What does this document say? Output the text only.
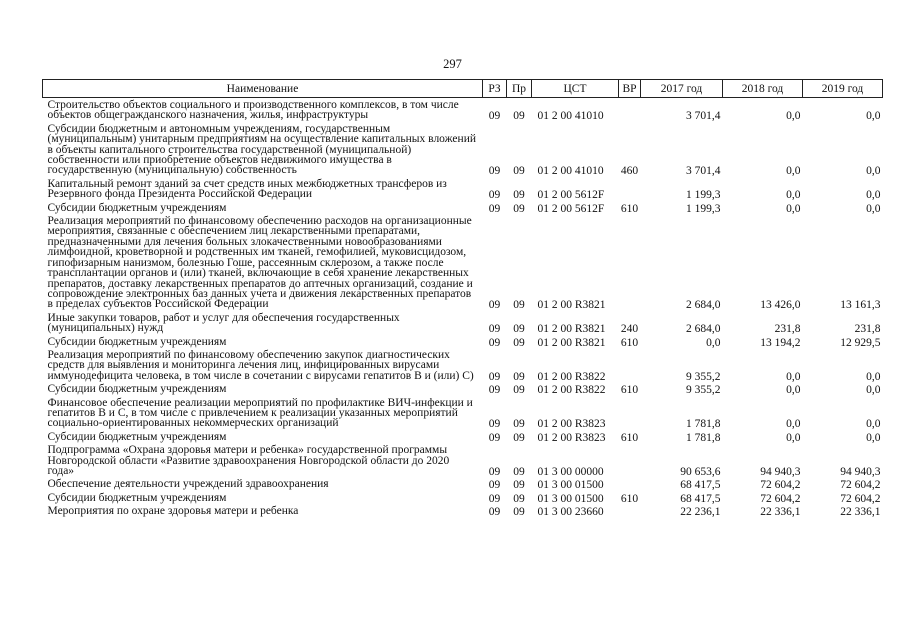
297
Наименование	РЗ	Пр	ЦСТ	ВР	2017 год	2018 год	2019 год
Строительство объектов социального и производственного комплексов, в том числе объектов общегражданского назначения, жилья, инфраструктуры	09	09	01 2 00 41010		3 701,4	0,0	0,0
Субсидии бюджетным и автономным учреждениям, государственным (муниципальным) унитарным предприятиям на осуществление капитальных вложений в объекты капитального строительства государственной (муниципальной) собственности или приобретение объектов недвижимого имущества в государственную (муниципальную) собственность	09	09	01 2 00 41010	460	3 701,4	0,0	0,0
Капитальный ремонт зданий за счет средств иных межбюджетных трансферов из Резервного фонда Президента Российской Федерации	09	09	01 2 00 5612F		1 199,3	0,0	0,0
Субсидии бюджетным учреждениям	09	09	01 2 00 5612F	610	1 199,3	0,0	0,0
Реализация мероприятий по финансовому обеспечению расходов на организационные мероприятия, связанные с обеспечением лиц лекарственными препаратами, предназначенными для лечения больных злокачественными новообразованиями лимфоидной, кроветворной и родственных им тканей, гемофилией, муковисцидозом, гипофизарным нанизмом, болезнью Гоше, рассеянным склерозом, а также после трансплантации органов и (или) тканей, включающие в себя хранение лекарственных препаратов, доставку лекарственных препаратов до аптечных организаций, создание и сопровождение электронных баз данных учета и движения лекарственных препаратов в пределах субъектов Российской Федерации	09	09	01 2 00 R3821		2 684,0	13 426,0	13 161,3
Иные закупки товаров, работ и услуг для обеспечения государственных (муниципальных) нужд	09	09	01 2 00 R3821	240	2 684,0	231,8	231,8
Субсидии бюджетным учреждениям	09	09	01 2 00 R3821	610	0,0	13 194,2	12 929,5
Реализация мероприятий по финансовому обеспечению закупок диагностических средств для выявления и мониторинга лечения лиц, инфицированных вирусами иммунодефицита человека, в том числе в сочетании с вирусами гепатитов В и (или) С)	09	09	01 2 00 R3822		9 355,2	0,0	0,0
Субсидии бюджетным учреждениям	09	09	01 2 00 R3822	610	9 355,2	0,0	0,0
Финансовое обеспечение реализации мероприятий по профилактике ВИЧ-инфекции и гепатитов В и С, в том числе с привлечением к реализации указанных мероприятий социально-ориентированных некоммерческих организаций	09	09	01 2 00 R3823		1 781,8	0,0	0,0
Субсидии бюджетным учреждениям	09	09	01 2 00 R3823	610	1 781,8	0,0	0,0
Подпрограмма «Охрана здоровья матери и ребенка» государственной программы Новгородской области «Развитие здравоохранения Новгородской области до 2020 года»	09	09	01 3 00 00000		90 653,6	94 940,3	94 940,3
Обеспечение деятельности учреждений здравоохранения	09	09	01 3 00 01500		68 417,5	72 604,2	72 604,2
Субсидии бюджетным учреждениям	09	09	01 3 00 01500	610	68 417,5	72 604,2	72 604,2
Мероприятия по охране здоровья матери и ребенка	09	09	01 3 00 23660		22 236,1	22 336,1	22 336,1
